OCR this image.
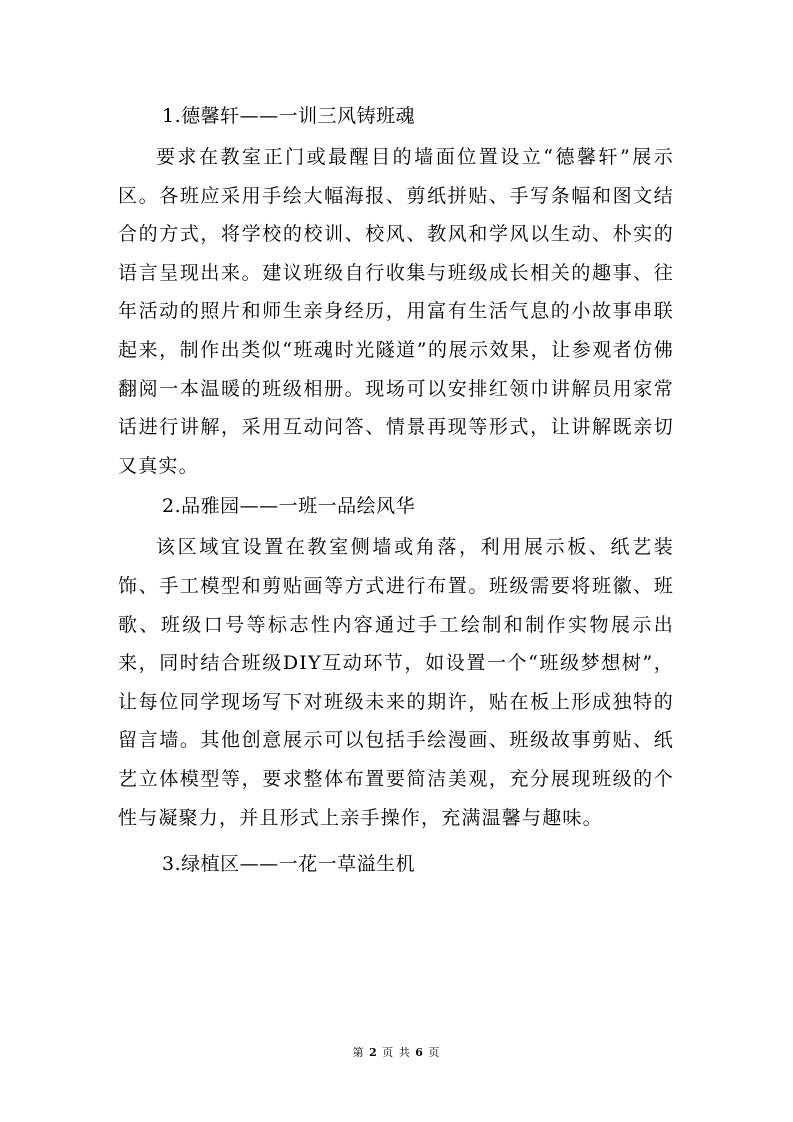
1.德馨轩——一训三风铸班魂

要求在教室正门或最醒目的墙面位置设立“德馨轩”展示区。各班应采用手绘大幅海报、剪纸拼贴、手写条幅和图文结合的方式，将学校的校训、校风、教风和学风以生动、朴实的语言呈现出来。建议班级自行收集与班级成长相关的趣事、往年活动的照片和师生亲身经历，用富有生活气息的小故事串联起来，制作出类似“班魂时光隧道”的展示效果，让参观者仿佛翻阅一本温暖的班级相册。现场可以安排红领巾讲解员用家常话进行讲解，采用互动问答、情景再现等形式，让讲解既亲切又真实。

2.品雅园——一班一品绘风华

该区域宜设置在教室侧墙或角落，利用展示板、纸艺装饰、手工模型和剪贴画等方式进行布置。班级需要将班徽、班歌、班级口号等标志性内容通过手工绘制和制作实物展示出来，同时结合班级DIY互动环节，如设置一个“班级梦想树”，让每位同学现场写下对班级未来的期许，贴在板上形成独特的留言墙。其他创意展示可以包括手绘漫画、班级故事剪贴、纸艺立体模型等，要求整体布置要简洁美观，充分展现班级的个性与凝聚力，并且形式上亲手操作，充满温馨与趣味。

3.绿植区——一花一草溢生机
第 2 页 共 6 页
